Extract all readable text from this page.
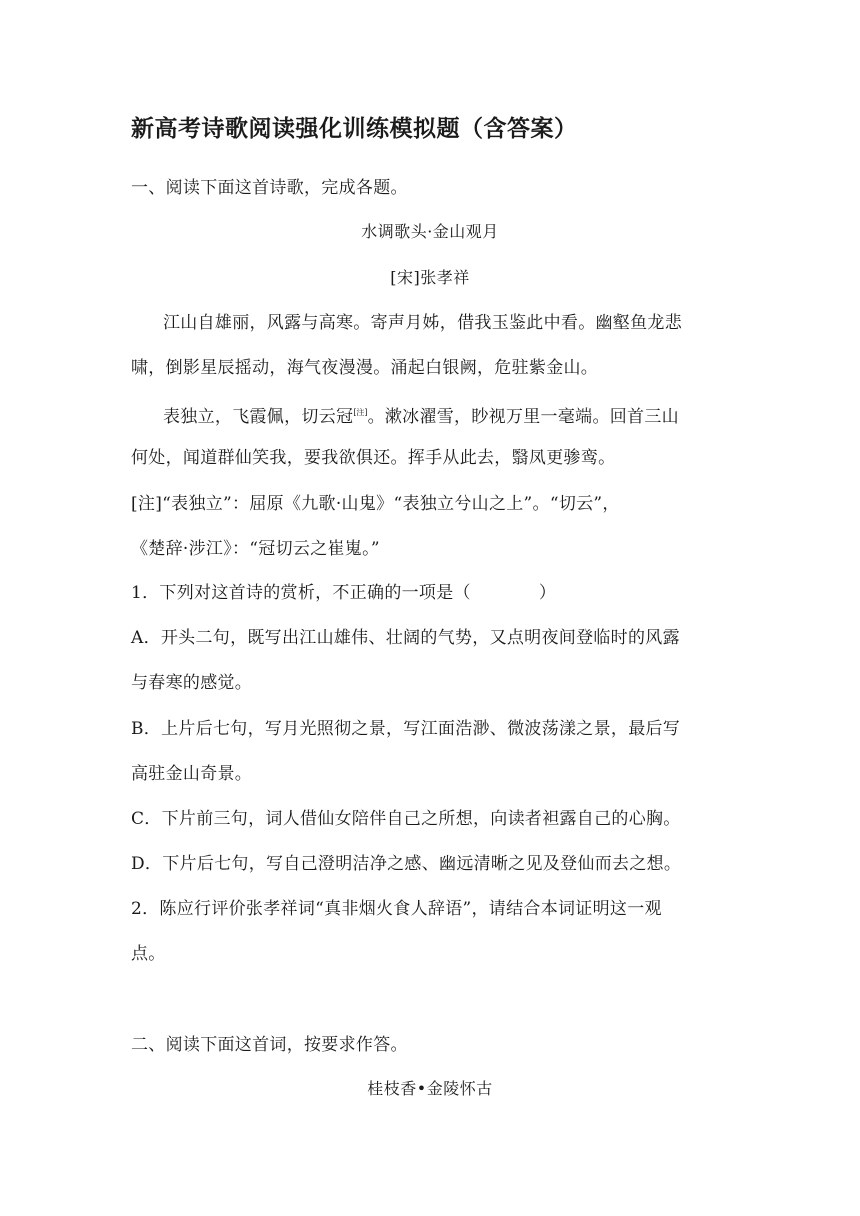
新高考诗歌阅读强化训练模拟题（含答案）
一、阅读下面这首诗歌，完成各题。
水调歌头·金山观月
[宋]张孝祥
江山自雄丽，风露与高寒。寄声月姊，借我玉鉴此中看。幽壑鱼龙悲
啸，倒影星辰摇动，海气夜漫漫。涌起白银阙，危驻紫金山。
表独立，飞霞佩，切云冠[注]。漱冰濯雪，眇视万里一毫端。回首三山
何处，闻道群仙笑我，要我欲俱还。挥手从此去，翳凤更骖鸾。
[注]“表独立”：屈原《九歌·山鬼》“表独立兮山之上”。“切云”，
《楚辞·涉江》：“冠切云之崔嵬。”
1．下列对这首诗的赏析，不正确的一项是（	）
A．开头二句，既写出江山雄伟、壮阔的气势，又点明夜间登临时的风露
与春寒的感觉。
B．上片后七句，写月光照彻之景，写江面浩渺、微波荡漾之景，最后写
高驻金山奇景。
C．下片前三句，词人借仙女陪伴自己之所想，向读者袒露自己的心胸。
D．下片后七句，写自己澄明洁净之感、幽远清晰之见及登仙而去之想。
2．陈应行评价张孝祥词“真非烟火食人辞语”，请结合本词证明这一观
点。
二、阅读下面这首词，按要求作答。
桂枝香•金陵怀古
